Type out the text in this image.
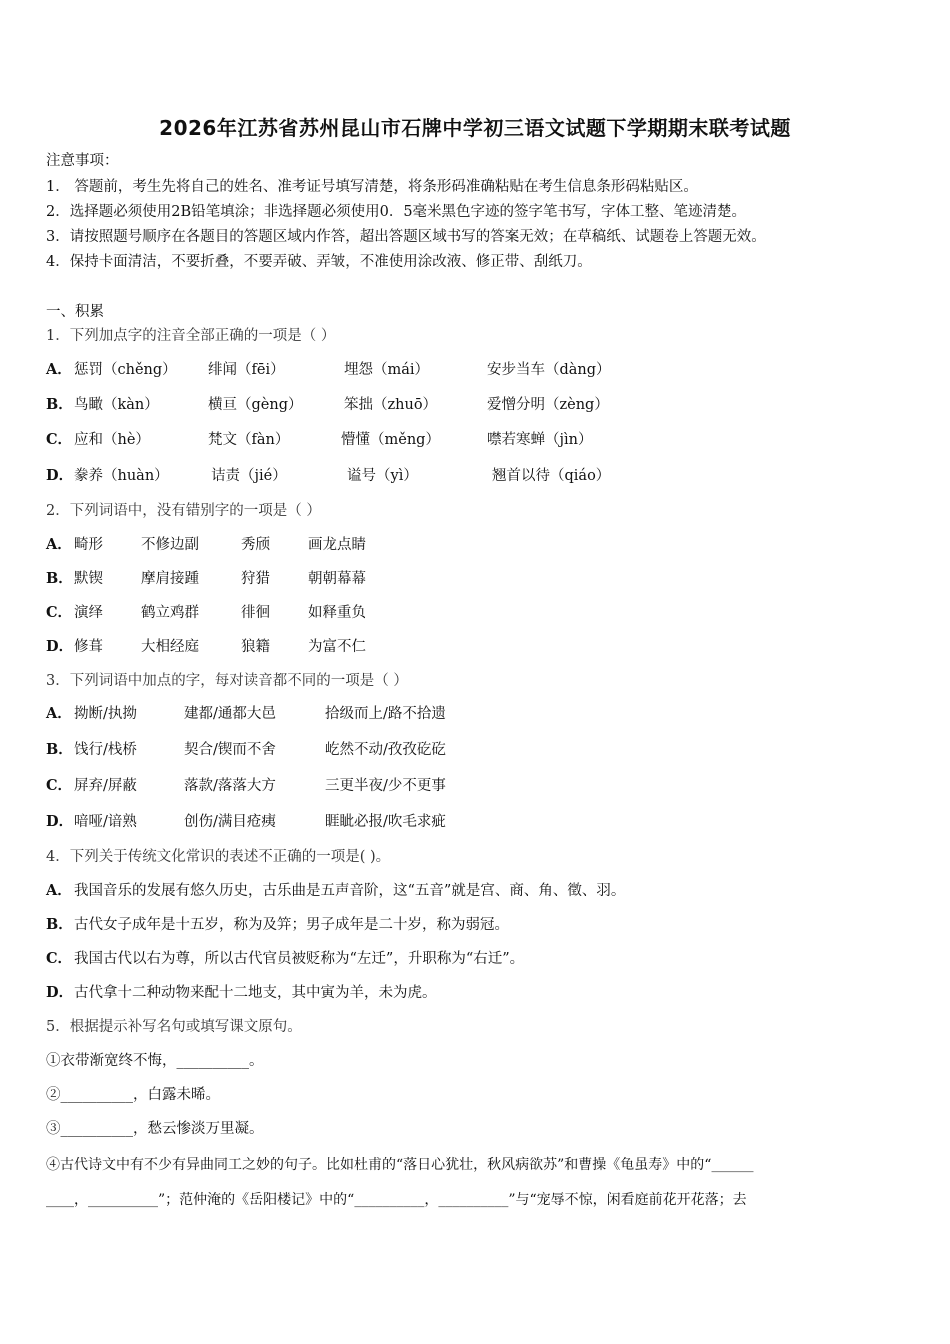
2026年江苏省苏州昆山市石牌中学初三语文试题下学期期末联考试题
注意事项：
1． 答题前，考生先将自己的姓名、准考证号填写清楚，将条形码准确粘贴在考生信息条形码粘贴区。
2．选择题必须使用2B铅笔填涂；非选择题必须使用0．5毫米黑色字迹的签字笔书写，字体工整、笔迹清楚。
3．请按照题号顺序在各题目的答题区域内作答，超出答题区域书写的答案无效；在草稿纸、试题卷上答题无效。
4．保持卡面清洁，不要折叠，不要弄破、弄皱，不准使用涂改液、修正带、刮纸刀。
一、积累
1．下列加点字的注音全部正确的一项是（ ）
A． 惩罚（chěng） 绯闻（fēi）	埋怨（mái）	安步当车（dàng）
B．鸟瞰（kàn）	横亘（gèng）	笨拙（zhuō）	爱憎分明（zèng）
C． 应和（hè）	梵文（fàn）	懵懂（měng）	噤若寒蝉（jìn）
D．豢养（huàn）	诘责（jié）	谥号（yì）	翘首以待（qiáo）
2．下列词语中，没有错别字的一项是（ ）
A． 畸形	不修边副	秀颀	画龙点睛
B．默锲	摩肩接踵	狩猎	朝朝幕幕
C． 演绎	鹤立鸡群	徘徊	如释重负
D．修葺	大相经庭	狼籍	为富不仁
3．下列词语中加点的字，每对读音都不同的一项是（ ）
A． 拗断/执拗	建都/通都大邑	拾级而上/路不拾遗
B．饯行/栈桥	契合/锲而不舍	屹然不动/孜孜矻矻
C． 屏弃/屏蔽	落款/落落大方	三更半夜/少不更事
D．喑哑/谙熟	创伤/满目疮痍	睚眦必报/吹毛求疵
4．下列关于传统文化常识的表述不正确的一项是( )。
A． 我国音乐的发展有悠久历史，古乐曲是五声音阶，这“五音”就是宫、商、角、徵、羽。
B．古代女子成年是十五岁，称为及笄；男子成年是二十岁，称为弱冠。
C． 我国古代以右为尊，所以古代官员被贬称为“左迁”，升职称为“右迁”。
D．古代拿十二种动物来配十二地支，其中寅为羊，未为虎。
5．根据提示补写名句或填写课文原句。
①衣带渐宽终不悔，__________。
②__________，白露未晞。
③__________，愁云惨淡万里凝。
④古代诗文中有不少有异曲同工之妙的句子。比如杜甫的“落日心犹壮，秋风病欲苏”和曹操《龟虽寿》中的“______
____，__________”；范仲淹的《岳阳楼记》中的“__________，__________”与“宠辱不惊，闲看庭前花开花落；去
